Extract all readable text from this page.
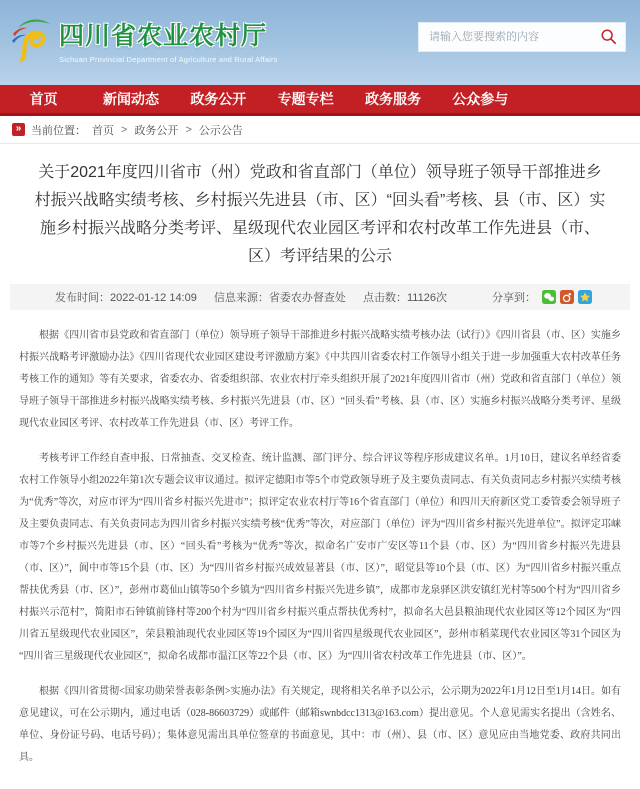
四川省农业农村厅
Sichuan Provincial Department of Agriculture and Rural Affairs
请输入您要搜索的内容
首页	新闻动态	政务公开	专题专栏	政务服务	公众参与
» 当前位置： 首页 > 政务公开 > 公示公告
关于2021年度四川省市（州）党政和省直部门（单位）领导班子领导干部推进乡村振兴战略实绩考核、乡村振兴先进县（市、区）“回头看”考核、县（市、区）实施乡村振兴战略分类考评、星级现代农业园区考评和农村改革工作先进县（市、区）考评结果的公示
发布时间：2022-01-12 14:09 信息来源：省委农办督查处 点击数：11126次	分享到：

根据《四川省市县党政和省直部门（单位）领导班子领导干部推进乡村振兴战略实绩考核办法（试行）》《四川省县（市、区）实施乡村振兴战略考评激励办法》《四川省现代农业园区建设考评激励方案》《中共四川省委农村工作领导小组关于进一步加强重大农村改革任务考核工作的通知》等有关要求，省委农办、省委组织部、农业农村厅牵头组织开展了2021年度四川省市（州）党政和省直部门（单位）领导班子领导干部推进乡村振兴战略实绩考核、乡村振兴先进县（市、区）“回头看”考核、县（市、区）实施乡村振兴战略分类考评、星级现代农业园区考评、农村改革工作先进县（市、区）考评工作。

考核考评工作经自查申报、日常抽查、交叉检查、统计监测、部门评分、综合评议等程序形成建议名单。1月10日，建议名单经省委农村工作领导小组2022年第1次专题会议审议通过。拟评定德阳市等5个市党政领导班子及主要负责同志、有关负责同志乡村振兴实绩考核为“优秀”等次，对应市评为“四川省乡村振兴先进市”；拟评定农业农村厅等16个省直部门（单位）和四川天府新区党工委管委会领导班子及主要负责同志、有关负责同志为四川省乡村振兴实绩考核“优秀”等次，对应部门（单位）评为“四川省乡村振兴先进单位”。拟评定邛崃市等7个乡村振兴先进县（市、区）“回头看”考核为“优秀”等次，拟命名广安市广安区等11个县（市、区）为“四川省乡村振兴先进县（市、区）”，阆中市等15个县（市、区）为“四川省乡村振兴成效显著县（市、区）”，昭觉县等10个县（市、区）为“四川省乡村振兴重点帮扶优秀县（市、区）”，彭州市葛仙山镇等50个乡镇为“四川省乡村振兴先进乡镇”，成都市龙泉驿区洪安镇红光村等500个村为“四川省乡村振兴示范村”，简阳市石钟镇前锋村等200个村为“四川省乡村振兴重点帮扶优秀村”，拟命名大邑县粮油现代农业园区等12个园区为“四川省五星级现代农业园区”，荣县粮油现代农业园区等19个园区为“四川省四星级现代农业园区”，彭州市稻菜现代农业园区等31个园区为“四川省三星级现代农业园区”，拟命名成都市温江区等22个县（市、区）为“四川省农村改革工作先进县（市、区）”。

根据《四川省贯彻<国家功勋荣誉表彰条例>实施办法》有关规定，现将相关名单予以公示，公示期为2022年1月12日至1月14日。如有意见建议，可在公示期内，通过电话（028-86603729）或邮件（邮箱swnbdcc1313@163.com）提出意见。个人意见需实名提出（含姓名、单位、身份证号码、电话号码）；集体意见需出具单位签章的书面意见，其中：市（州）、县（市、区）意见应由当地党委、政府共同出具。
